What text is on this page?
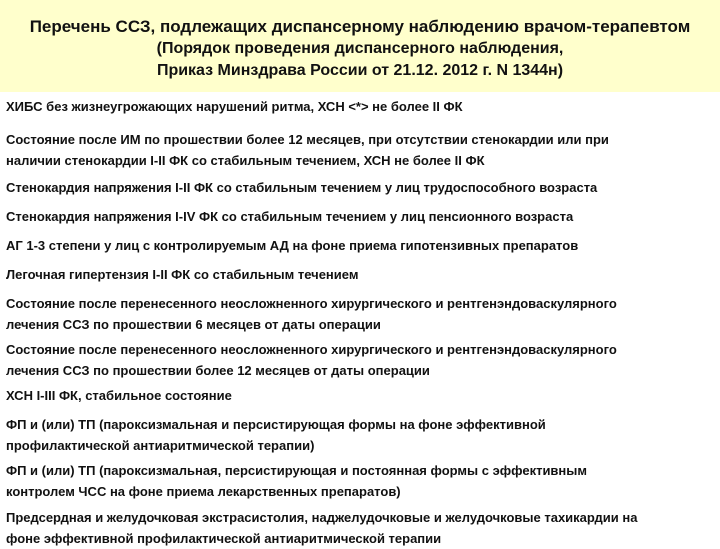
Перечень ССЗ, подлежащих диспансерному наблюдению врачом-терапевтом
(Порядок проведения диспансерного наблюдения,
Приказ Минздрава России от 21.12. 2012 г. N 1344н)
ХИБС без жизнеугрожающих нарушений ритма, ХСН <*> не более II ФК
Состояние после ИМ по прошествии более 12 месяцев, при отсутствии стенокардии или при
наличии стенокардии I-II ФК со стабильным течением, ХСН не более II ФК
Стенокардия напряжения I-II ФК со стабильным течением у лиц трудоспособного возраста
Стенокардия напряжения I-IV ФК со стабильным течением у лиц пенсионного возраста
АГ 1-3 степени у лиц с контролируемым АД на фоне приема гипотензивных препаратов
Легочная гипертензия I-II ФК со стабильным течением
Состояние после перенесенного неосложненного хирургического и рентгенэндоваскулярного
лечения ССЗ по прошествии 6 месяцев от даты операции
Состояние после перенесенного неосложненного хирургического и рентгенэндоваскулярного
лечения ССЗ по прошествии более 12 месяцев от даты операции
ХСН I-III ФК, стабильное состояние
ФП и (или) ТП (пароксизмальная и персистирующая формы на фоне эффективной
профилактической антиаритмической терапии)
ФП и (или) ТП (пароксизмальная, персистирующая и постоянная формы с эффективным
контролем ЧСС на фоне приема лекарственных препаратов)
Предсердная и желудочковая экстрасистолия, наджелудочковые и желудочковые тахикардии на
фоне эффективной профилактической антиаритмической терапии
